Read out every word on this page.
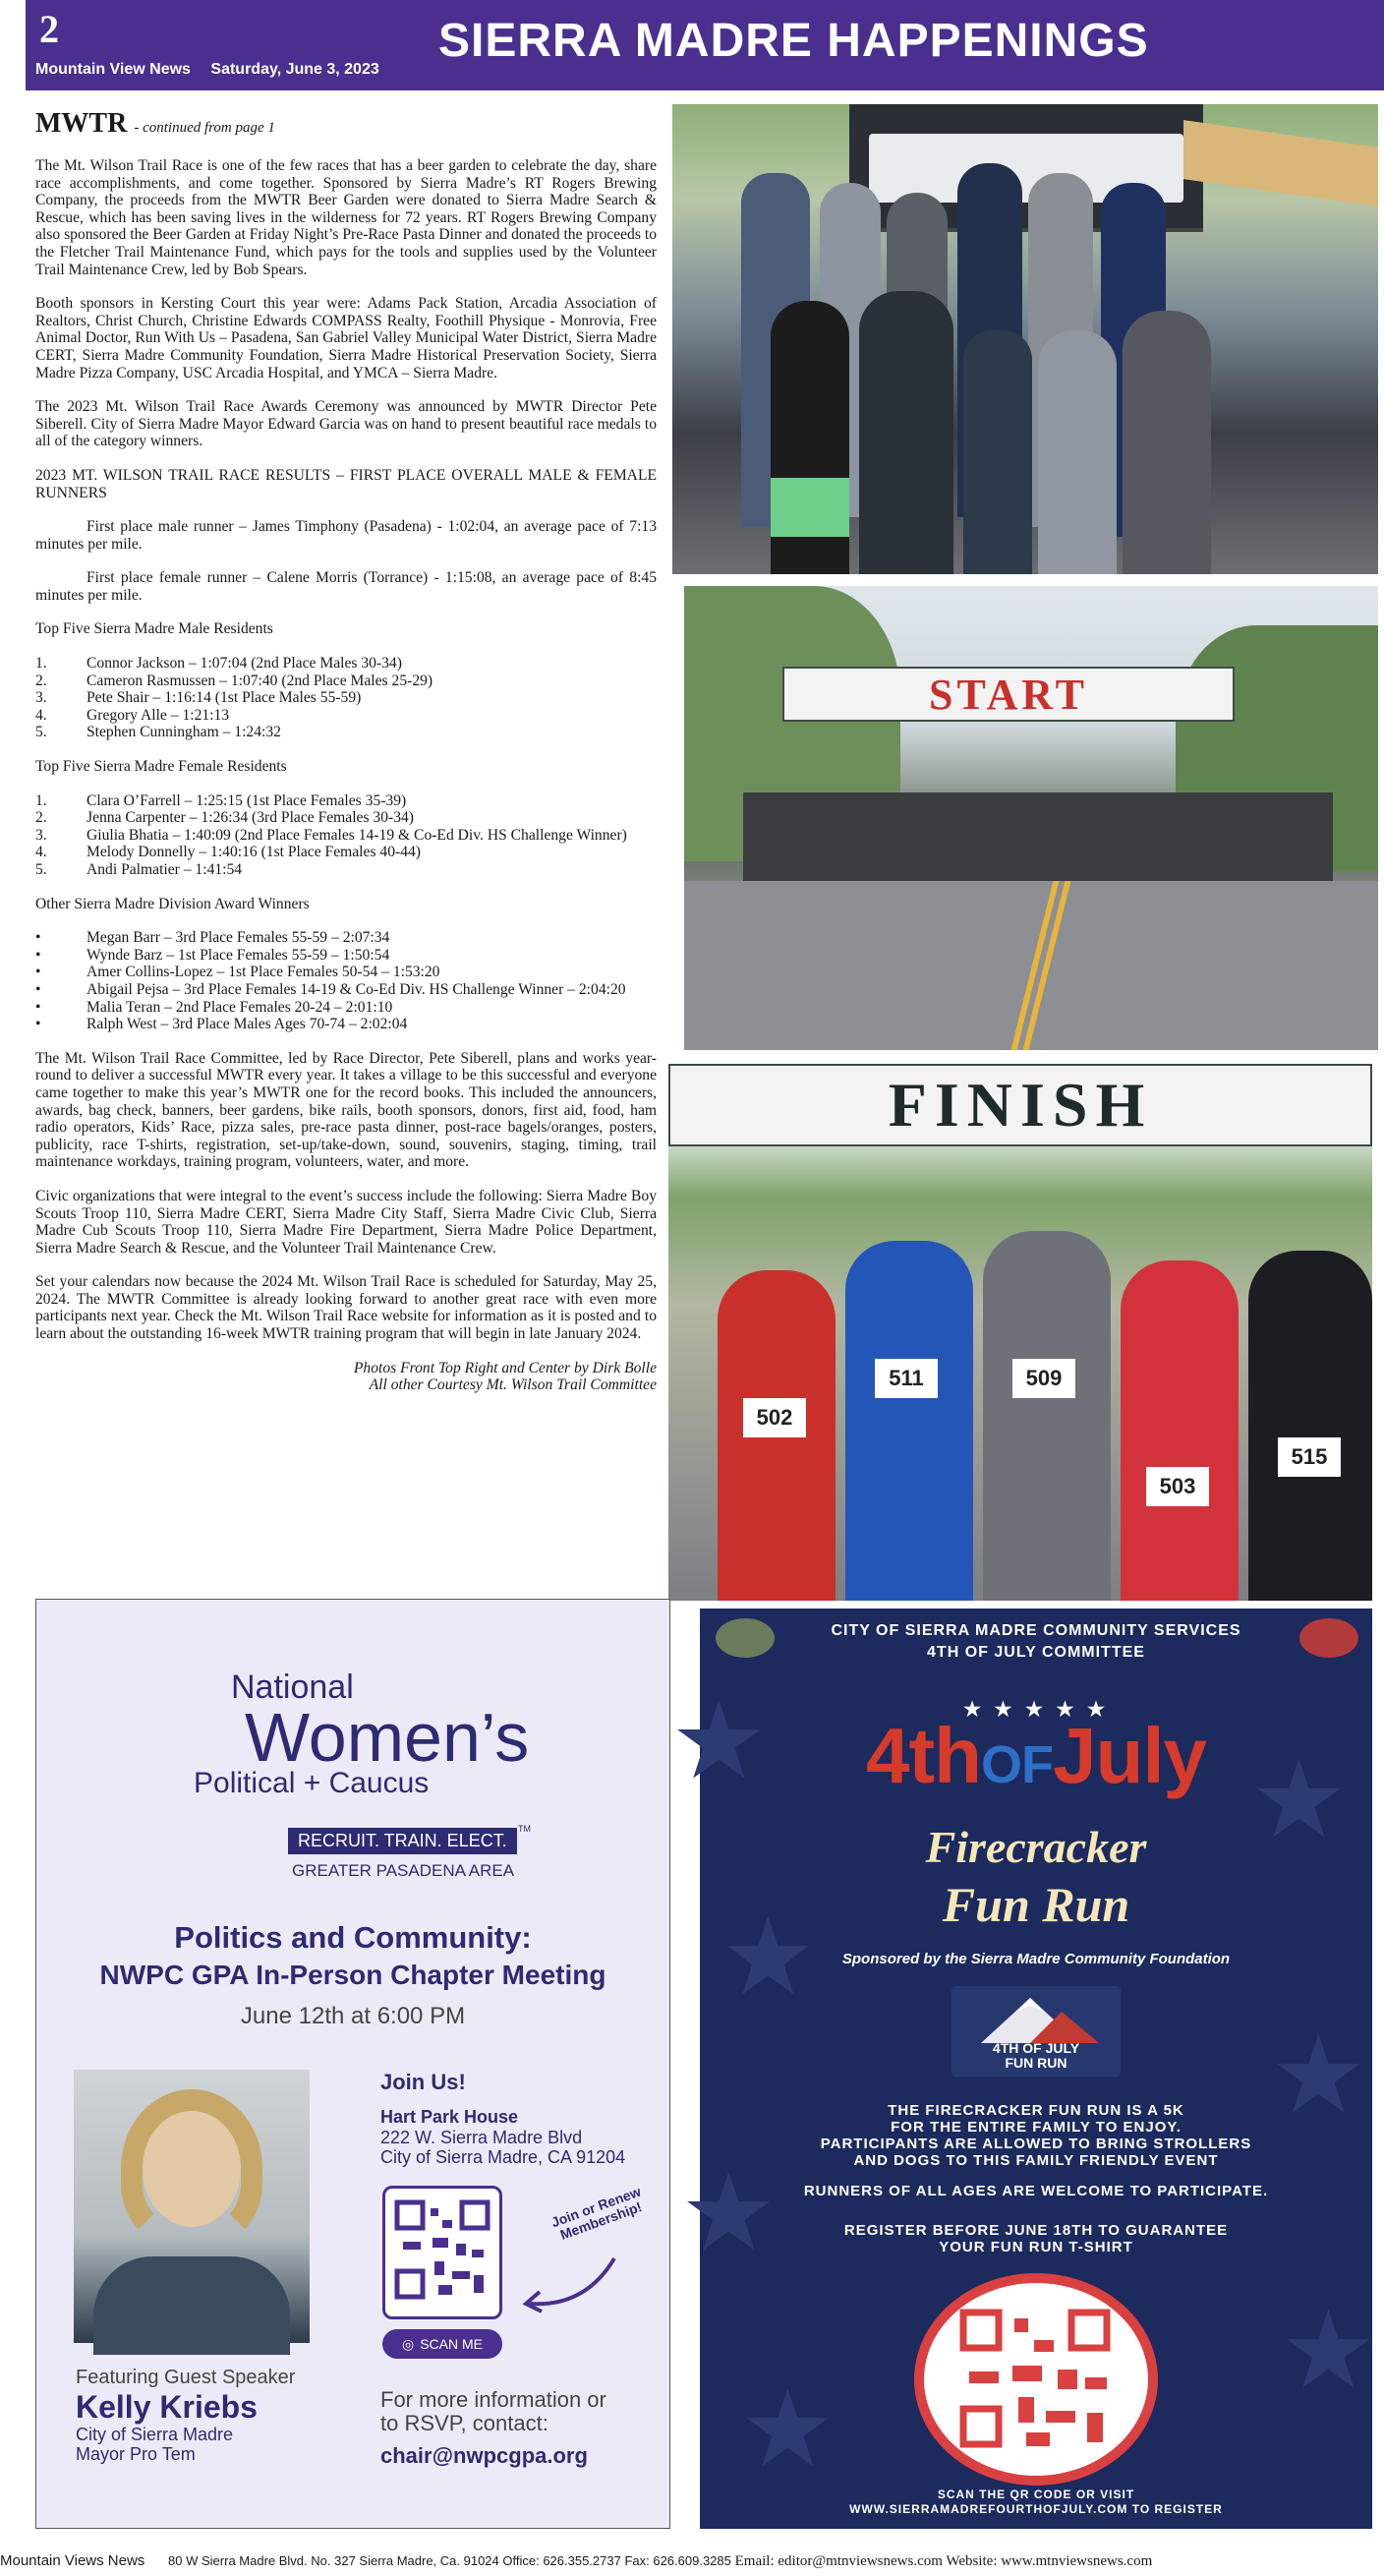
2
Mountain View News Saturday, June 3, 2023
SIERRA MADRE HAPPENINGS
MWTR - continued from page 1

The Mt. Wilson Trail Race is one of the few races that has a beer garden to celebrate the day, share race accomplishments, and come together. Sponsored by Sierra Madre’s RT Rogers Brewing Company, the proceeds from the MWTR Beer Garden were donated to Sierra Madre Search & Rescue, which has been saving lives in the wilderness for 72 years. RT Rogers Brewing Company also sponsored the Beer Garden at Friday Night’s Pre-Race Pasta Dinner and donated the proceeds to the Fletcher Trail Maintenance Fund, which pays for the tools and supplies used by the Volunteer Trail Maintenance Crew, led by Bob Spears.

Booth sponsors in Kersting Court this year were: Adams Pack Station, Arcadia Association of Realtors, Christ Church, Christine Edwards COMPASS Realty, Foothill Physique - Monrovia, Free Animal Doctor, Run With Us – Pasadena, San Gabriel Valley Municipal Water District, Sierra Madre CERT, Sierra Madre Community Foundation, Sierra Madre Historical Preservation Society, Sierra Madre Pizza Company, USC Arcadia Hospital, and YMCA – Sierra Madre.

The 2023 Mt. Wilson Trail Race Awards Ceremony was announced by MWTR Director Pete Siberell. City of Sierra Madre Mayor Edward Garcia was on hand to present beautiful race medals to all of the category winners.

2023 MT. WILSON TRAIL RACE RESULTS – FIRST PLACE OVERALL MALE & FEMALE RUNNERS

First place male runner – James Timphony (Pasadena) - 1:02:04, an average pace of 7:13 minutes per mile.

First place female runner – Calene Morris (Torrance) - 1:15:08, an average pace of 8:45 minutes per mile.

Top Five Sierra Madre Male Residents

1.	Connor Jackson – 1:07:04 (2nd Place Males 30-34)
2.	Cameron Rasmussen – 1:07:40 (2nd Place Males 25-29)
3.	Pete Shair – 1:16:14 (1st Place Males 55-59)
4.	Gregory Alle – 1:21:13
5.	Stephen Cunningham – 1:24:32

Top Five Sierra Madre Female Residents

1.	Clara O’Farrell – 1:25:15 (1st Place Females 35-39)
2.	Jenna Carpenter – 1:26:34 (3rd Place Females 30-34)
3.	Giulia Bhatia – 1:40:09 (2nd Place Females 14-19 & Co-Ed Div. HS Challenge Winner)
4.	Melody Donnelly – 1:40:16 (1st Place Females 40-44)
5.	Andi Palmatier – 1:41:54

Other Sierra Madre Division Award Winners

•	Megan Barr – 3rd Place Females 55-59 – 2:07:34
•	Wynde Barz – 1st Place Females 55-59 – 1:50:54
•	Amer Collins-Lopez – 1st Place Females 50-54 – 1:53:20
•	Abigail Pejsa – 3rd Place Females 14-19 & Co-Ed Div. HS Challenge Winner – 2:04:20
•	Malia Teran – 2nd Place Females 20-24 – 2:01:10
•	Ralph West – 3rd Place Males Ages 70-74 – 2:02:04

The Mt. Wilson Trail Race Committee, led by Race Director, Pete Siberell, plans and works year-round to deliver a successful MWTR every year. It takes a village to be this successful and everyone came together to make this year’s MWTR one for the record books. This included the announcers, awards, bag check, banners, beer gardens, bike rails, booth sponsors, donors, first aid, food, ham radio operators, Kids’ Race, pizza sales, pre-race pasta dinner, post-race bagels/oranges, posters, publicity, race T-shirts, registration, set-up/take-down, sound, souvenirs, staging, timing, trail maintenance workdays, training program, volunteers, water, and more.

Civic organizations that were integral to the event’s success include the following: Sierra Madre Boy Scouts Troop 110, Sierra Madre CERT, Sierra Madre City Staff, Sierra Madre Civic Club, Sierra Madre Cub Scouts Troop 110, Sierra Madre Fire Department, Sierra Madre Police Department, Sierra Madre Search & Rescue, and the Volunteer Trail Maintenance Crew.

Set your calendars now because the 2024 Mt. Wilson Trail Race is scheduled for Saturday, May 25, 2024. The MWTR Committee is already looking forward to another great race with even more participants next year. Check the Mt. Wilson Trail Race website for information as it is posted and to learn about the outstanding 16-week MWTR training program that will begin in late January 2024.

Photos Front Top Right and Center by Dirk Bolle
All other Courtesy Mt. Wilson Trail Committee

START
FINISH
502
511	509
503
515
National
Women’s
Political + Caucus
RECRUIT. TRAIN. ELECT.
TM
GREATER PASADENA AREA
Politics and Community:
NWPC GPA In-Person Chapter Meeting
June 12th at 6:00 PM
Join Us!
Hart Park House
222 W. Sierra Madre Blvd
City of Sierra Madre, CA 91204
◎ SCAN ME
Join or Renew Membership!
Featuring Guest Speaker
Kelly Kriebs
City of Sierra Madre
Mayor Pro Tem
For more information or
to RSVP, contact:
chair@nwpcgpa.org
★	★
★
★
★
★
★
CITY OF SIERRA MADRE COMMUNITY SERVICES
4TH OF JULY COMMITTEE
★ ★ ★ ★ ★
4thOFJuly
Firecracker
Fun Run
Sponsored by the Sierra Madre Community Foundation
4TH OF JULY
FUN RUN
THE FIRECRACKER FUN RUN IS A 5K
FOR THE ENTIRE FAMILY TO ENJOY.
PARTICIPANTS ARE ALLOWED TO BRING STROLLERS
AND DOGS TO THIS FAMILY FRIENDLY EVENT
RUNNERS OF ALL AGES ARE WELCOME TO PARTICIPATE.
REGISTER BEFORE JUNE 18TH TO GUARANTEE
YOUR FUN RUN T-SHIRT
SCAN THE QR CODE OR VISIT
WWW.SIERRAMADREFOURTHOFJULY.COM TO REGISTER
Mountain Views News 80 W Sierra Madre Blvd. No. 327 Sierra Madre, Ca. 91024 Office: 626.355.2737 Fax: 626.609.3285 Email: editor@mtnviewsnews.com Website: www.mtnviewsnews.com
